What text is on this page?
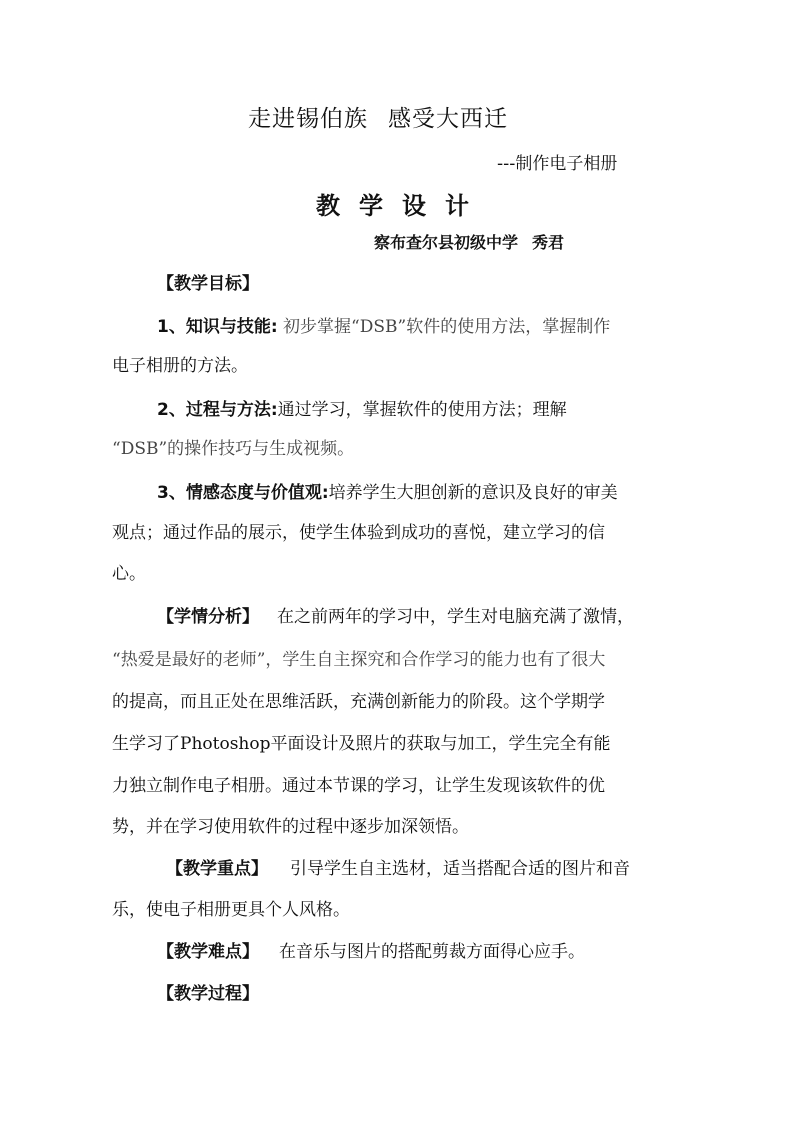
走进锡伯族 感受大西迁
---制作电子相册
教学设计
察布查尔县初级中学 秀君
【教学目标】
1、知识与技能: 初步掌握“DSB”软件的使用方法，掌握制作
电子相册的方法。
2、过程与方法:通过学习，掌握软件的使用方法；理解
“DSB”的操作技巧与生成视频。
3、情感态度与价值观:培养学生大胆创新的意识及良好的审美
观点；通过作品的展示，使学生体验到成功的喜悦，建立学习的信
心。
【学情分析】 在之前两年的学习中，学生对电脑充满了激情，
“热爱是最好的老师”，学生自主探究和合作学习的能力也有了很大
的提高，而且正处在思维活跃，充满创新能力的阶段。这个学期学
生学习了Photoshop平面设计及照片的获取与加工，学生完全有能
力独立制作电子相册。通过本节课的学习，让学生发现该软件的优
势，并在学习使用软件的过程中逐步加深领悟。
【教学重点】 引导学生自主选材，适当搭配合适的图片和音
乐，使电子相册更具个人风格。
【教学难点】 在音乐与图片的搭配剪裁方面得心应手。
【教学过程】
